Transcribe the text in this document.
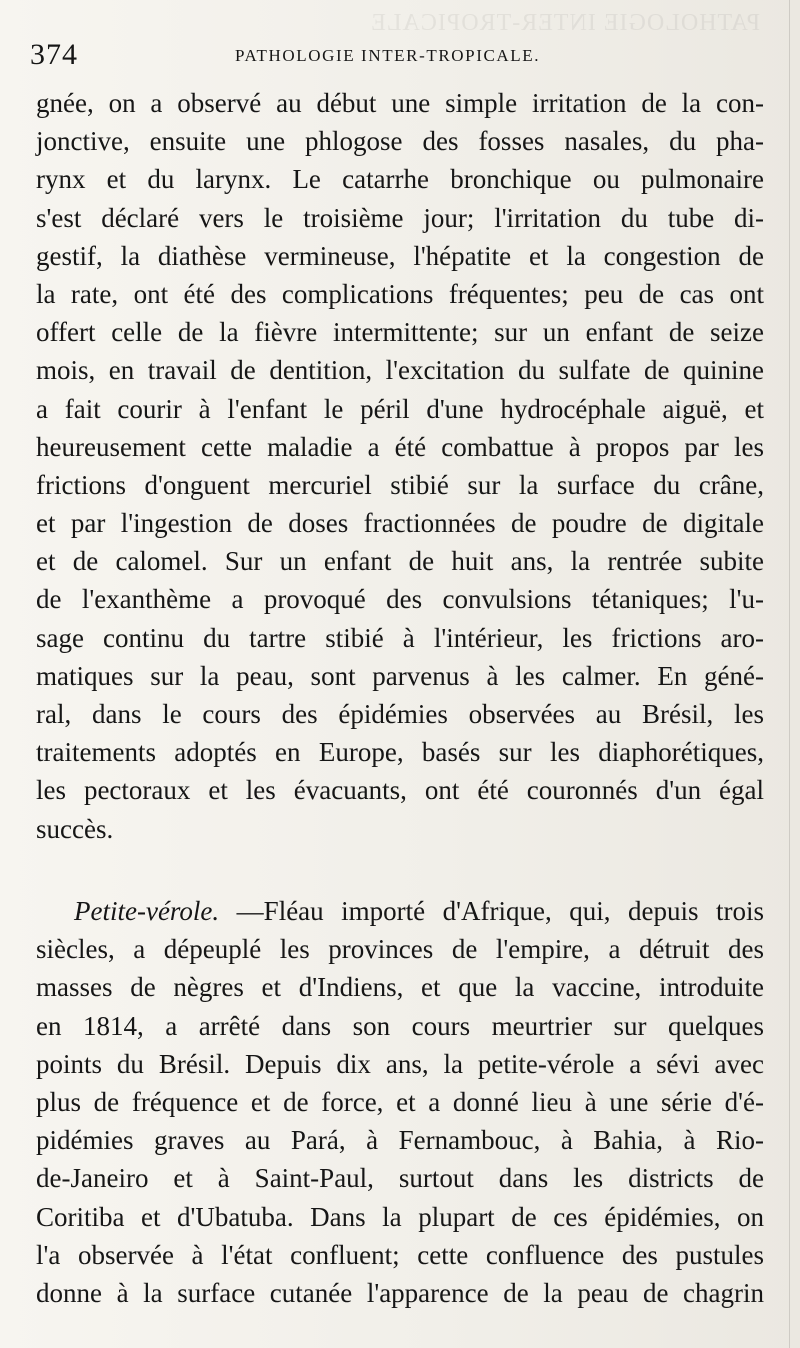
PATHOLOGIE INTER-TROPICALE
374	PATHOLOGIE INTER-TROPICALE.
gnée, on a observé au début une simple irritation de la con-
jonctive, ensuite une phlogose des fosses nasales, du pha-
rynx et du larynx. Le catarrhe bronchique ou pulmonaire
s'est déclaré vers le troisième jour; l'irritation du tube di-
gestif, la diathèse vermineuse, l'hépatite et la congestion de
la rate, ont été des complications fréquentes; peu de cas ont
offert celle de la fièvre intermittente; sur un enfant de seize
mois, en travail de dentition, l'excitation du sulfate de quinine
a fait courir à l'enfant le péril d'une hydrocéphale aiguë, et
heureusement cette maladie a été combattue à propos par les
frictions d'onguent mercuriel stibié sur la surface du crâne,
et par l'ingestion de doses fractionnées de poudre de digitale
et de calomel. Sur un enfant de huit ans, la rentrée subite
de l'exanthème a provoqué des convulsions tétaniques; l'u-
sage continu du tartre stibié à l'intérieur, les frictions aro-
matiques sur la peau, sont parvenus à les calmer. En géné-
ral, dans le cours des épidémies observées au Brésil, les
traitements adoptés en Europe, basés sur les diaphorétiques,
les pectoraux et les évacuants, ont été couronnés d'un égal
succès.
Petite-vérole. —Fléau importé d'Afrique, qui, depuis trois
siècles, a dépeuplé les provinces de l'empire, a détruit des
masses de nègres et d'Indiens, et que la vaccine, introduite
en 1814, a arrêté dans son cours meurtrier sur quelques
points du Brésil. Depuis dix ans, la petite-vérole a sévi avec
plus de fréquence et de force, et a donné lieu à une série d'é-
pidémies graves au Pará, à Fernambouc, à Bahia, à Rio-
de-Janeiro et à Saint-Paul, surtout dans les districts de
Coritiba et d'Ubatuba. Dans la plupart de ces épidémies, on
l'a observée à l'état confluent; cette confluence des pustules
donne à la surface cutanée l'apparence de la peau de chagrin
